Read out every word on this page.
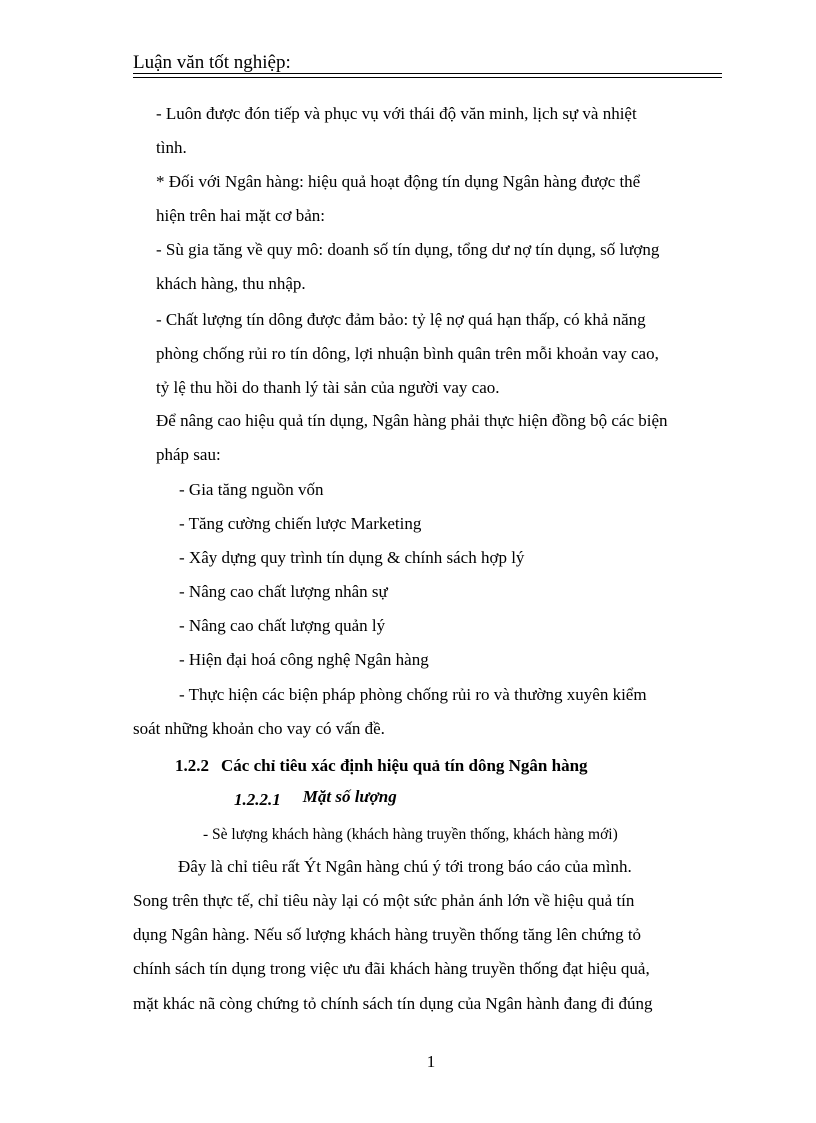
Luận văn tốt nghiệp:
- Luôn được đón tiếp và phục vụ với thái độ văn minh, lịch sự và nhiệt
tình.
* Đối với Ngân hàng: hiệu quả hoạt động tín dụng Ngân hàng được thể
hiện trên hai mặt cơ bản:
- Sù gia tăng về quy mô: doanh số tín dụng, tổng dư nợ tín dụng, số lượng
khách hàng, thu nhập.
- Chất lượng tín dông được đảm bảo: tỷ lệ nợ quá hạn thấp, có khả năng
phòng chống rủi ro tín dông, lợi nhuận bình quân trên mỗi khoản vay cao,
tỷ lệ thu hồi do thanh lý tài sản của người vay cao.
Để nâng cao hiệu quả tín dụng, Ngân hàng phải thực hiện đồng bộ các biện
pháp sau:
- Gia tăng nguồn vốn
- Tăng cường chiến lược Marketing
- Xây dựng quy trình tín dụng & chính sách hợp lý
- Nâng cao chất lượng nhân sự
- Nâng cao chất lượng quản lý
- Hiện đại hoá công nghệ Ngân hàng
- Thực hiện các biện pháp phòng chống rủi ro và thường xuyên kiểm
soát những khoản cho vay có vấn đề.
1.2.2 Các chỉ tiêu xác định hiệu quả tín dông Ngân hàng
1.2.2.1 Mặt số lượng
- Sè lượng khách hàng (khách hàng truyền thống, khách hàng mới)
Đây là chỉ tiêu rất Ýt Ngân hàng chú ý tới trong báo cáo của mình.
Song trên thực tế, chỉ tiêu này lại có một sức phản ánh lớn về hiệu quả tín
dụng Ngân hàng. Nếu số lượng khách hàng truyền thống tăng lên chứng tỏ
chính sách tín dụng trong việc ưu đãi khách hàng truyền thống đạt hiệu quả,
mặt khác nã còng chứng tỏ chính sách tín dụng của Ngân hành đang đi đúng
1
